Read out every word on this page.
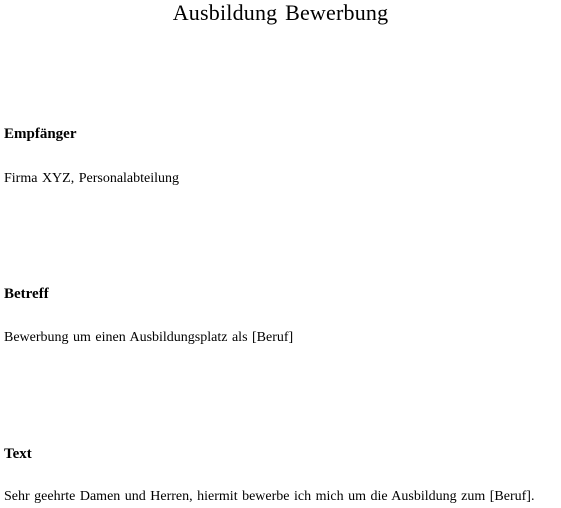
Ausbildung Bewerbung
Empfänger

Firma XYZ, Personalabteilung

Betreff

Bewerbung um einen Ausbildungsplatz als [Beruf]

Text

Sehr geehrte Damen und Herren, hiermit bewerbe ich mich um die Ausbildung zum [Beruf].
